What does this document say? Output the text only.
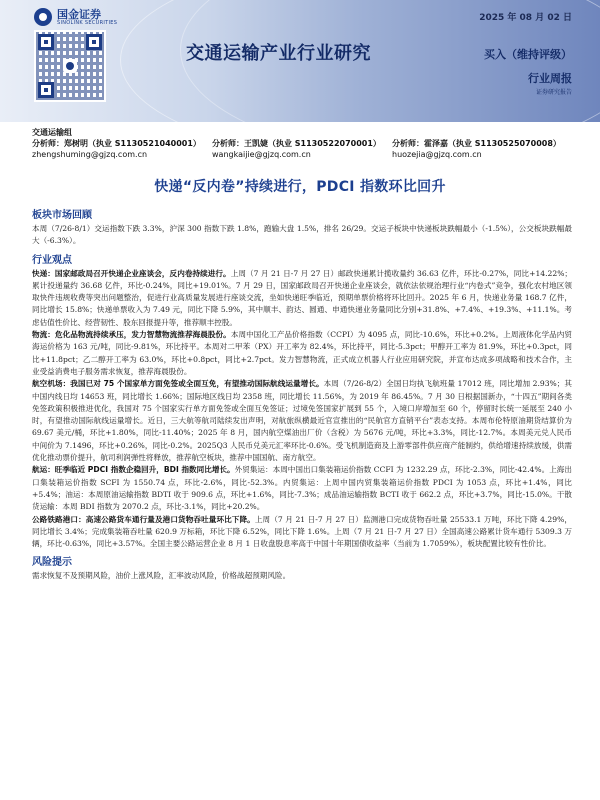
国金证券
SINOLINK SECURITIES	2025 年 08 月 02 日
交通运输产业行业研究	买入（维持评级）
行业周报
证券研究报告
交通运输组
分析师：郑树明（执业 S1130521040001）
zhengshuming@gjzq.com.cn
分析师：王凯婕（执业 S1130522070001）
wangkaijie@gjzq.com.cn
分析师：霍泽嘉（执业 S1130525070008）
huozejia@gjzq.com.cn
快递“反内卷”持续进行，PDCI 指数环比回升
板块市场回顾

本周（7/26-8/1）交运指数下跌 3.3%，沪深 300 指数下跌 1.8%，跑输大盘 1.5%，排名 26/29。交运子板块中快递板块跌幅最小（-1.5%），公交板块跌幅最大（-6.3%）。

行业观点

快递：国家邮政局召开快递企业座谈会，反内卷持续进行。上周（7 月 21 日-7 月 27 日）邮政快递累计揽收量约 36.63 亿件，环比-0.27%，同比+14.22%；累计投递量约 36.68 亿件，环比-0.24%，同比+19.01%。7 月 29 日，国家邮政局召开快递企业座谈会，就依法依规治理行业“内卷式”竞争，强化农村地区领取快件违规收费等突出问题整治，促进行业高质量发展进行座谈交流，坐如快递旺季临近，预期单票价格将环比回升。2025 年 6 月，快递业务量 168.7 亿件，同比增长 15.8%；快递单票收入为 7.49 元，同比下降 5.9%，其中顺丰、韵达、圆通、申通快递业务量同比分别+31.8%、+7.4%、+19.3%、+11.1%。考虑估值性价比、经营韧性、股东回报提升等，推荐顺丰控股。

物流：危化品物流持续承压，发力智慧物流推荐海晨股份。本周中国化工产品价格指数（CCPI）为 4095 点，同比-10.6%，环比+0.2%。上周液体化学品内贸海运价格为 163 元/吨，同比-9.81%，环比持平。本周对二甲苯（PX）开工率为 82.4%，环比持平，同比-5.3pct；甲醇开工率为 81.9%，环比+0.3pct，同比+11.8pct；乙二醇开工率为 63.0%，环比+0.8pct，同比+2.7pct。发力智慧物流，正式成立机器人行业应用研究院，并宣布达成多项战略和技术合作，主业受益消费电子服务需求恢复，推荐海晨股份。

航空机场：我国已对 75 个国家单方面免签或全面互免，有望推动国际航线运量增长。本周（7/26-8/2）全国日均执飞航班量 17012 班，同比增加 2.93%；其中国内线日均 14653 班，同比增长 1.66%；国际地区线日均 2358 班，同比增长 11.56%，为 2019 年 86.45%。7 月 30 日根据国新办，“十四五”期间各类免签政策积极推进优化，我国对 75 个国家实行单方面免签或全面互免签证；过境免签国家扩展到 55 个，入境口岸增加至 60 个，停留时长统一延展至 240 小时，有望推动国际航线运量增长。近日，三大航等航司陆续发出声明，对航旅纵横最近官宣推出的“民航官方直销平台”表态支持。本周布伦特原油期货结算价为 69.67 美元/桶，环比+1.80%，同比-11.40%；2025 年 8 月，国内航空煤油出厂价（含税）为 5676 元/吨，环比+3.3%，同比-12.7%。本周美元兑人民币中间价为 7.1496，环比+0.26%，同比-0.2%。2025Q3 人民币兑美元汇率环比-0.6%。受飞机制造商及上游零部件供应商产能制约，供给增速持续放缓，供需优化推动票价提升，航司利润弹性将释放，推荐航空板块，推荐中国国航、南方航空。

航运：旺季临近 PDCI 指数企稳回升，BDI 指数同比增长。外贸集运：本周中国出口集装箱运价指数 CCFI 为 1232.29 点，环比-2.3%，同比-42.4%。上海出口集装箱运价指数 SCFI 为 1550.74 点，环比-2.6%，同比-52.3%。内贸集运：上周中国内贸集装箱运价指数 PDCI 为 1053 点，环比+1.4%，同比+5.4%；油运：本周原油运输指数 BDTI 收于 909.6 点，环比+1.6%，同比-7.3%；成品油运输指数 BCTI 收于 662.2 点，环比+3.7%，同比-15.0%。干散货运输：本周 BDI 指数为 2070.2 点，环比-3.1%，同比+20.2%。

公路铁路港口：高速公路货车通行量及港口货物吞吐量环比下降。上周（7 月 21 日-7 月 27 日）监测港口完成货物吞吐量 25533.1 万吨，环比下降 4.29%，同比增长 3.4%；完成集装箱吞吐量 620.9 万标箱，环比下降 6.52%，同比下降 1.6%。上周（7 月 21 日-7 月 27 日）全国高速公路累计货车通行 5309.3 万辆，环比-0.63%，同比+3.57%。全国主要公路运营企业 8 月 1 日收盘股息率高于中国十年期国债收益率（当前为 1.7059%），板块配置比较有性价比。

风险提示

需求恢复不及预期风险，油价上涨风险，汇率波动风险，价格战超预期风险。
